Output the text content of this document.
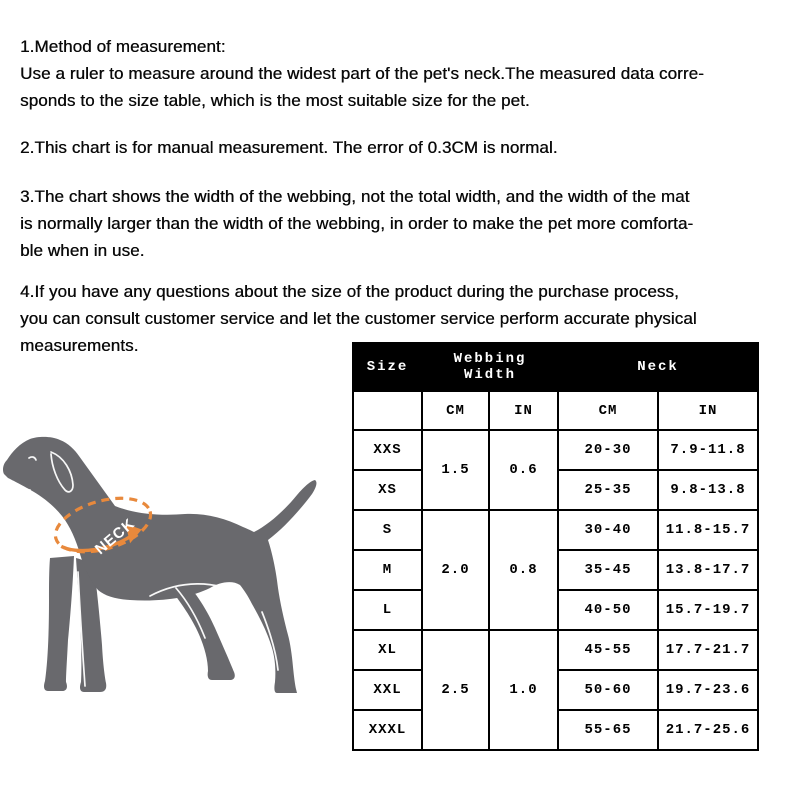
1.Method of measurement:
Use a ruler to measure around the widest part of the pet's neck.The measured data corre-
sponds to the size table, which is the most suitable size for the pet.
2.This chart is for manual measurement. The error of 0.3CM is normal.
3.The chart shows the width of the webbing, not the total width, and the width of the mat
is normally larger than the width of the webbing, in order to make the pet more comforta-
ble when in use.
4.If you have any questions about the size of the product during the purchase process,
you can consult customer service and let the customer service perform accurate physical
measurements.
NECK
Size	Webbing Width		Neck	
	CM	IN	CM	IN
XXS	1.5	0.6	20-30	7.9-11.8
XS			25-35	9.8-13.8
S	2.0	0.8	30-40	11.8-15.7
M			35-45	13.8-17.7
L			40-50	15.7-19.7
XL	2.5	1.0	45-55	17.7-21.7
XXL			50-60	19.7-23.6
XXXL			55-65	21.7-25.6
